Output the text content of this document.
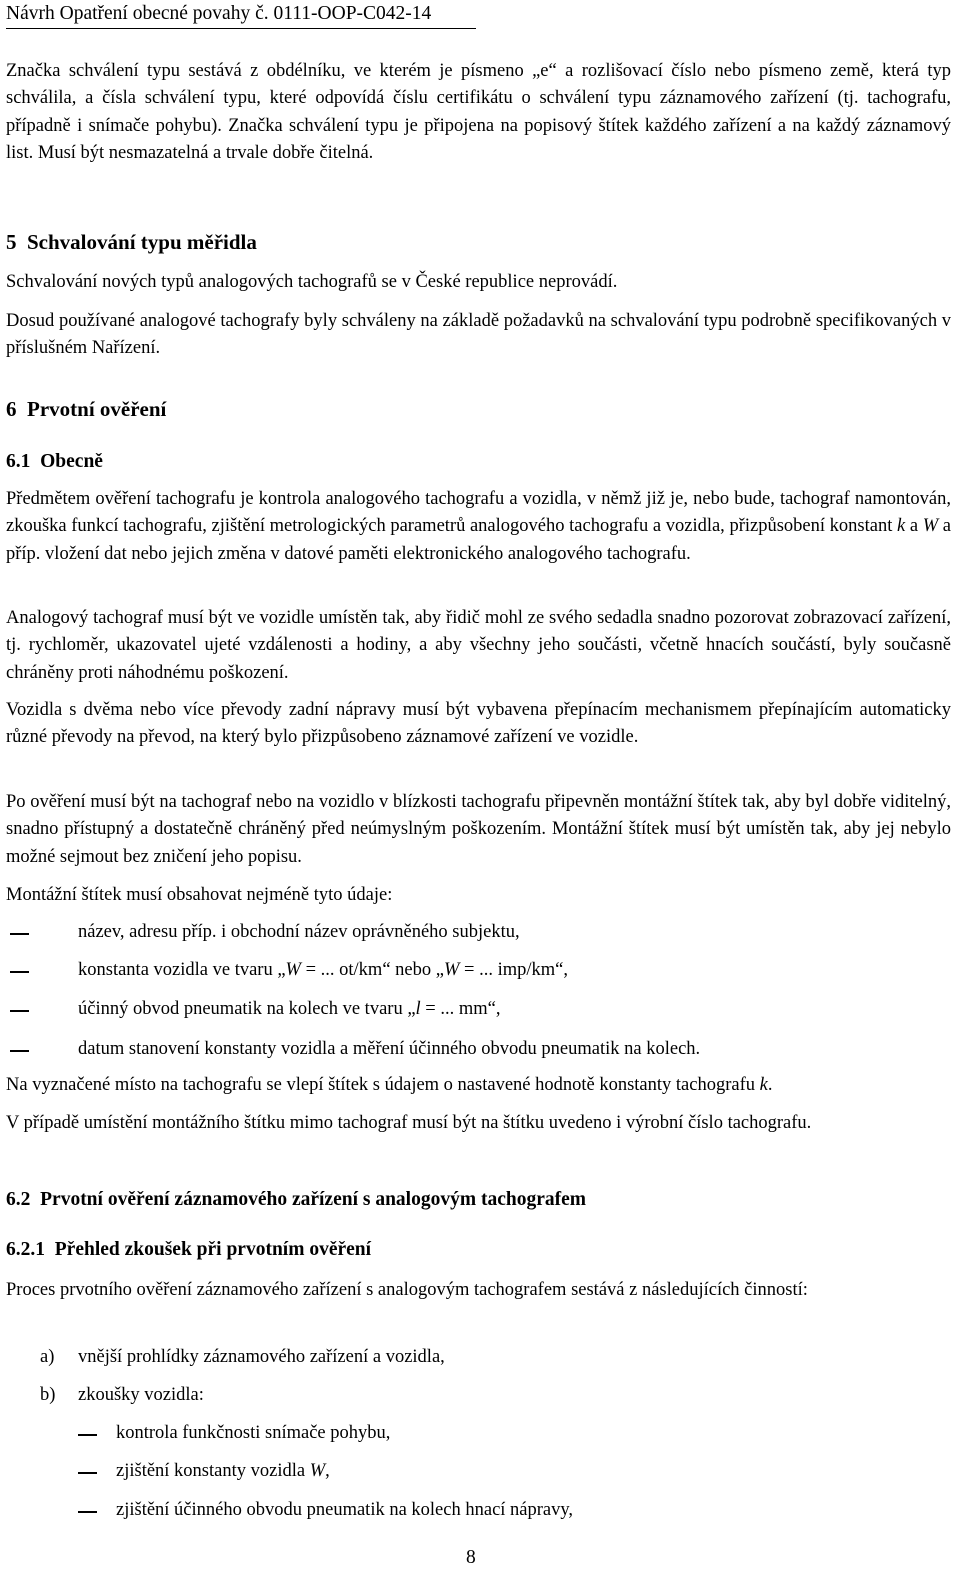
Návrh Opatření obecné povahy č. 0111-OOP-C042-14

Značka schválení typu sestává z obdélníku, ve kterém je písmeno „e“ a rozlišovací číslo nebo písmeno země, která typ schválila, a čísla schválení typu, které odpovídá číslu certifikátu o schválení typu záznamového zařízení (tj. tachografu, případně i snímače pohybu). Značka schválení typu je připojena na popisový štítek každého zařízení a na každý záznamový list. Musí být nesmazatelná a trvale dobře čitelná.

5 Schvalování typu měřidla

Schvalování nových typů analogových tachografů se v České republice neprovádí.

Dosud používané analogové tachografy byly schváleny na základě požadavků na schvalování typu podrobně specifikovaných v příslušném Nařízení.

6 Prvotní ověření
6.1 Obecně

Předmětem ověření tachografu je kontrola analogového tachografu a vozidla, v němž již je, nebo bude, tachograf namontován, zkouška funkcí tachografu, zjištění metrologických parametrů analogového tachografu a vozidla, přizpůsobení konstant k a W a příp. vložení dat nebo jejich změna v datové paměti elektronického analogového tachografu.

Analogový tachograf musí být ve vozidle umístěn tak, aby řidič mohl ze svého sedadla snadno pozorovat zobrazovací zařízení, tj. rychloměr, ukazovatel ujeté vzdálenosti a hodiny, a aby všechny jeho součásti, včetně hnacích součástí, byly současně chráněny proti náhodnému poškození.

Vozidla s dvěma nebo více převody zadní nápravy musí být vybavena přepínacím mechanismem přepínajícím automaticky různé převody na převod, na který bylo přizpůsobeno záznamové zařízení ve vozidle.

Po ověření musí být na tachograf nebo na vozidlo v blízkosti tachografu připevněn montážní štítek tak, aby byl dobře viditelný, snadno přístupný a dostatečně chráněný před neúmyslným poškozením. Montážní štítek musí být umístěn tak, aby jej nebylo možné sejmout bez zničení jeho popisu.

Montážní štítek musí obsahovat nejméně tyto údaje:

název, adresu příp. i obchodní název oprávněného subjektu,
konstanta vozidla ve tvaru „W = ... ot/km“ nebo „W = ... imp/km“,
účinný obvod pneumatik na kolech ve tvaru „l = ... mm“,
datum stanovení konstanty vozidla a měření účinného obvodu pneumatik na kolech.

Na vyznačené místo na tachografu se vlepí štítek s údajem o nastavené hodnotě konstanty tachografu k.

V případě umístění montážního štítku mimo tachograf musí být na štítku uvedeno i výrobní číslo tachografu.

6.2 Prvotní ověření záznamového zařízení s analogovým tachografem
6.2.1 Přehled zkoušek při prvotním ověření

Proces prvotního ověření záznamového zařízení s analogovým tachografem sestává z následujících činností:

a) vnější prohlídky záznamového zařízení a vozidla,
b) zkoušky vozidla:
kontrola funkčnosti snímače pohybu,
zjištění konstanty vozidla W,
zjištění účinného obvodu pneumatik na kolech hnací nápravy,
8
